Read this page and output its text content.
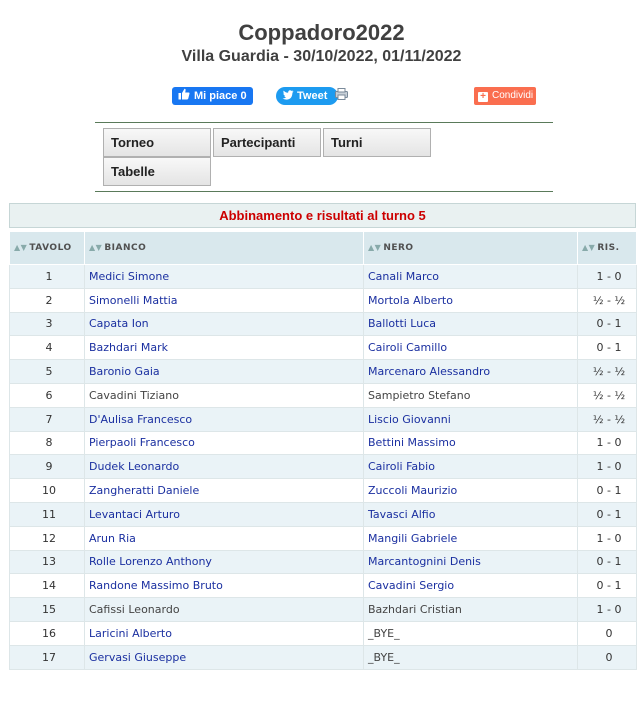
Coppadoro2022
Villa Guardia - 30/10/2022, 01/11/2022
Mi piace 0	Tweet	+ Condividi
Torneo	Partecipanti	Turni
Tabelle
Abbinamento e risultati al turno 5
▲▼ TAVOLO	▲▼ BIANCO	▲▼ NERO	▲▼ RIS.
1	Medici Simone	Canali Marco	1 - 0
2	Simonelli Mattia	Mortola Alberto	½ - ½
3	Capata Ion	Ballotti Luca	0 - 1
4	Bazhdari Mark	Cairoli Camillo	0 - 1
5	Baronio Gaia	Marcenaro Alessandro	½ - ½
6	Cavadini Tiziano	Sampietro Stefano	½ - ½
7	D'Aulisa Francesco	Liscio Giovanni	½ - ½
8	Pierpaoli Francesco	Bettini Massimo	1 - 0
9	Dudek Leonardo	Cairoli Fabio	1 - 0
10	Zangheratti Daniele	Zuccoli Maurizio	0 - 1
11	Levantaci Arturo	Tavasci Alfio	0 - 1
12	Arun Ria	Mangili Gabriele	1 - 0
13	Rolle Lorenzo Anthony	Marcantognini Denis	0 - 1
14	Randone Massimo Bruto	Cavadini Sergio	0 - 1
15	Cafissi Leonardo	Bazhdari Cristian	1 - 0
16	Laricini Alberto	_BYE_	0
17	Gervasi Giuseppe	_BYE_	0
